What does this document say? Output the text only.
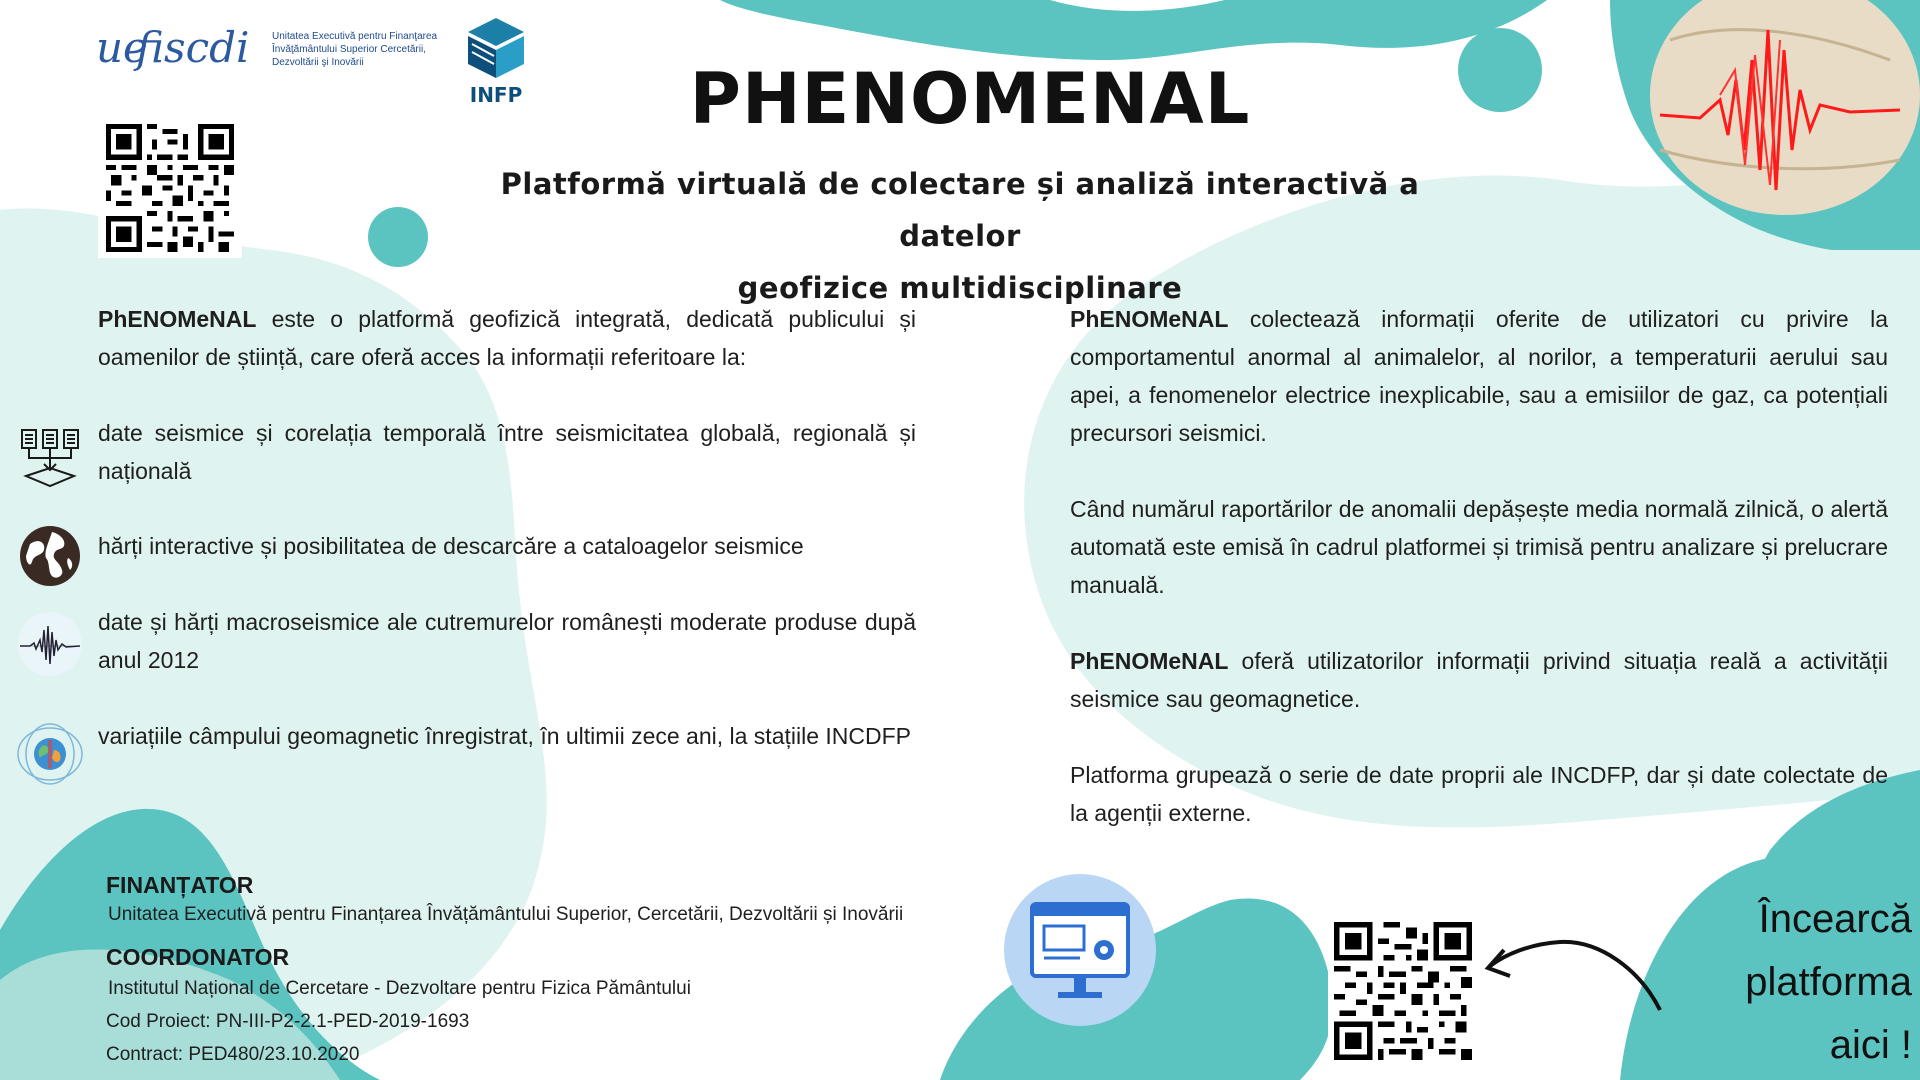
ue
fiscdi Unitatea Executivă pentru Finanţarea Învăţământului Superior Cercetării, Dezvoltării şi Inovării
INFP	PHENOMENAL
Platformă virtuală de colectare și analiză interactivă a datelor
geofizice multidisciplinare
PhENOMeNAL este o platformă geofizică integrată, dedicată publicului și oamenilor de știință, care oferă acces la informații referitoare la:
date seismice și corelația temporală între seismicitatea globală, regională și națională
hărți interactive și posibilitatea de descarcăre a cataloagelor seismice
date și hărți macroseismice ale cutremurelor românești moderate produse după anul 2012
variațiile câmpului geomagnetic înregistrat, în ultimii zece ani, la stațiile INCDFP
PhENOMeNAL colectează informații oferite de utilizatori cu privire la comportamentul anormal al animalelor, al norilor, a temperaturii aerului sau apei, a fenomenelor electrice inexplicabile, sau a emisiilor de gaz, ca potențiali precursori seismici.
Când numărul raportărilor de anomalii depășește media normală zilnică, o alertă automată este emisă în cadrul platformei și trimisă pentru analizare și prelucrare manuală.
PhENOMeNAL oferă utilizatorilor informații privind situația reală a activității seismice sau geomagnetice.
Platforma grupează o serie de date proprii ale INCDFP, dar și date colectate de la agenții externe.
FINANȚATOR
Unitatea Executivă pentru Finanțarea Învățământului Superior, Cercetării, Dezvoltării și Inovării
COORDONATOR
Institutul Național de Cercetare - Dezvoltare pentru Fizica Pământului
Cod Proiect: PN-III-P2-2.1-PED-2019-1693
Contract: PED480/23.10.2020
Încearcă
platforma
aici !
